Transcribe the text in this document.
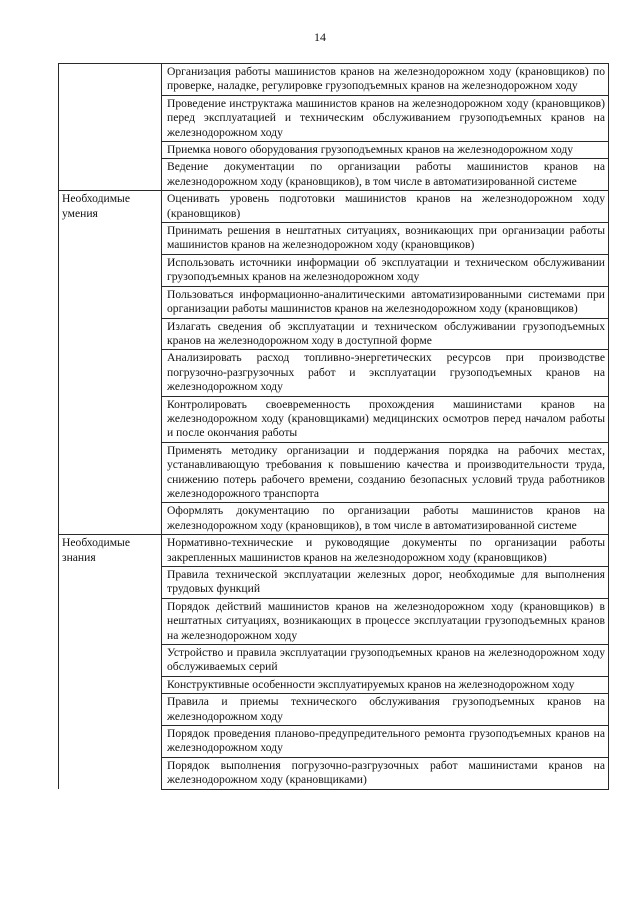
14
	Организация работы машинистов кранов на железнодорожном ходу (крановщиков) по проверке, наладке, регулировке грузоподъемных кранов на железнодорожном ходу
	Проведение инструктажа машинистов кранов на железнодорожном ходу (крановщиков) перед эксплуатацией и техническим обслуживанием грузоподъемных кранов на железнодорожном ходу
	Приемка нового оборудования грузоподъемных кранов на железнодорожном ходу
	Ведение документации по организации работы машинистов кранов на железнодорожном ходу (крановщиков), в том числе в автоматизированной системе
Необходимые умения	Оценивать уровень подготовки машинистов кранов на железнодорожном ходу (крановщиков)
	Принимать решения в нештатных ситуациях, возникающих при организации работы машинистов кранов на железнодорожном ходу (крановщиков)
	Использовать источники информации об эксплуатации и техническом обслуживании грузоподъемных кранов на железнодорожном ходу
	Пользоваться информационно-аналитическими автоматизированными системами при организации работы машинистов кранов на железнодорожном ходу (крановщиков)
	Излагать сведения об эксплуатации и техническом обслуживании грузоподъемных кранов на железнодорожном ходу в доступной форме
	Анализировать расход топливно-энергетических ресурсов при производстве погрузочно-разгрузочных работ и эксплуатации грузоподъемных кранов на железнодорожном ходу
	Контролировать своевременность прохождения машинистами кранов на железнодорожном ходу (крановщиками) медицинских осмотров перед началом работы и после окончания работы
	Применять методику организации и поддержания порядка на рабочих местах, устанавливающую требования к повышению качества и производительности труда, снижению потерь рабочего времени, созданию безопасных условий труда работников железнодорожного транспорта
	Оформлять документацию по организации работы машинистов кранов на железнодорожном ходу (крановщиков), в том числе в автоматизированной системе
Необходимые знания	Нормативно-технические и руководящие документы по организации работы закрепленных машинистов кранов на железнодорожном ходу (крановщиков)
	Правила технической эксплуатации железных дорог, необходимые для выполнения трудовых функций
	Порядок действий машинистов кранов на железнодорожном ходу (крановщиков) в нештатных ситуациях, возникающих в процессе эксплуатации грузоподъемных кранов на железнодорожном ходу
	Устройство и правила эксплуатации грузоподъемных кранов на железнодорожном ходу обслуживаемых серий
	Конструктивные особенности эксплуатируемых кранов на железнодорожном ходу
	Правила и приемы технического обслуживания грузоподъемных кранов на железнодорожном ходу
	Порядок проведения планово-предупредительного ремонта грузоподъемных кранов на железнодорожном ходу
	Порядок выполнения погрузочно-разгрузочных работ машинистами кранов на железнодорожном ходу (крановщиками)
